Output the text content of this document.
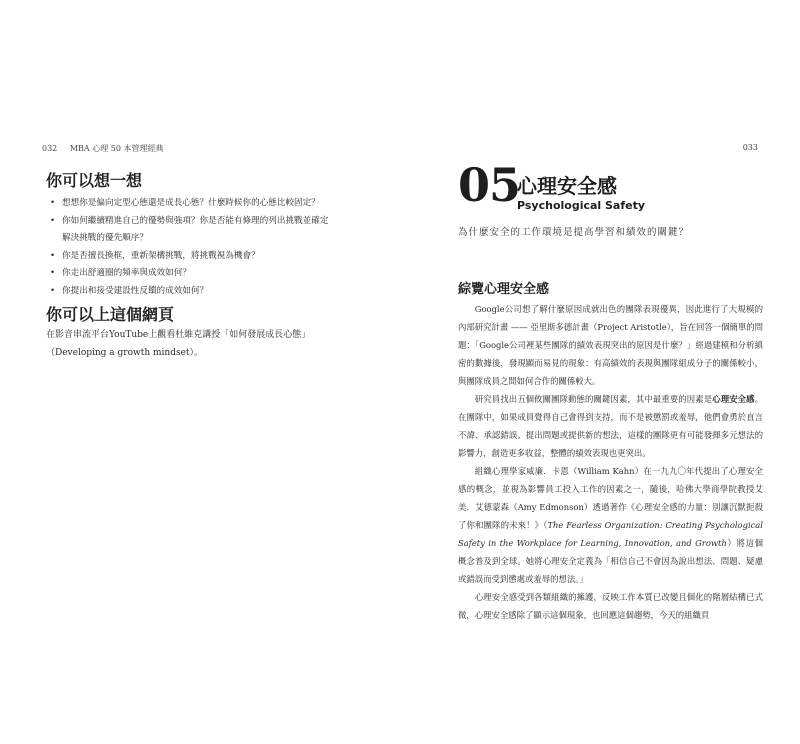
032 MBA 心理 50 本管理經典
你可以想一想
• 想想你是偏向定型心態還是成長心態？什麼時候你的心態比較固定？
• 你如何繼續精進自己的優勢與強項？你是否能有條理的列出挑戰並確定
解決挑戰的優先順序？
• 你是否擅長換框，重新架構挑戰，將挑戰視為機會？
• 你走出舒適圈的頻率與成效如何？
• 你提出和接受建設性反饋的成效如何？
你可以上這個網頁
在影音串流平台YouTube上觀看杜維克講授「如何發展成長心態」（Developing a growth mindset）。
033
05
心理安全感
Psychological Safety
為什麼安全的工作環境是提高學習和績效的關鍵？
綜覽心理安全感

Google公司想了解什麼原因成就出色的團隊表現優異，因此進行了大規模的內部研究計畫 —— 亞里斯多德計畫（Project Aristotle），旨在回答一個簡單的問題：「Google公司裡某些團隊的績效表現突出的原因是什麼？」經過建模和分析縝密的數據後，發現顯而易見的現象：有高績效的表現與團隊組成分子的關係較小，與團隊成員之間如何合作的關係較大。

研究員找出五個攸關團隊動態的關鍵因素，其中最重要的因素是心理安全感。在團隊中，如果成員覺得自己會得到支持，而不是被懲罰或羞辱，他們會勇於直言不諱、承認錯誤、提出問題或提供新的想法，這樣的團隊更有可能發揮多元想法的影響力，創造更多收益，整體的績效表現也更突出。

組織心理學家威廉．卡恩（William Kahn）在一九九〇年代提出了心理安全感的概念，並視為影響員工投入工作的因素之一，隨後，哈佛大學商學院教授艾美．艾德蒙森（Amy Edmonson）透過著作《心理安全感的力量：別讓沉默扼殺了你和團隊的未來！》（The Fearless Organization: Creating Psychological Safety in the Workplace for Learning, Innovation, and Growth）將這個概念普及到全球。她將心理安全定義為「相信自己不會因為說出想法、問題、疑慮或錯誤而受到懲處或羞辱的想法。」

心理安全感受到各類組織的擁護，反映工作本質已改變且個化的階層結構已式微，心理安全感除了顯示這個現象，也回應這個趨勢，今天的組織頁
